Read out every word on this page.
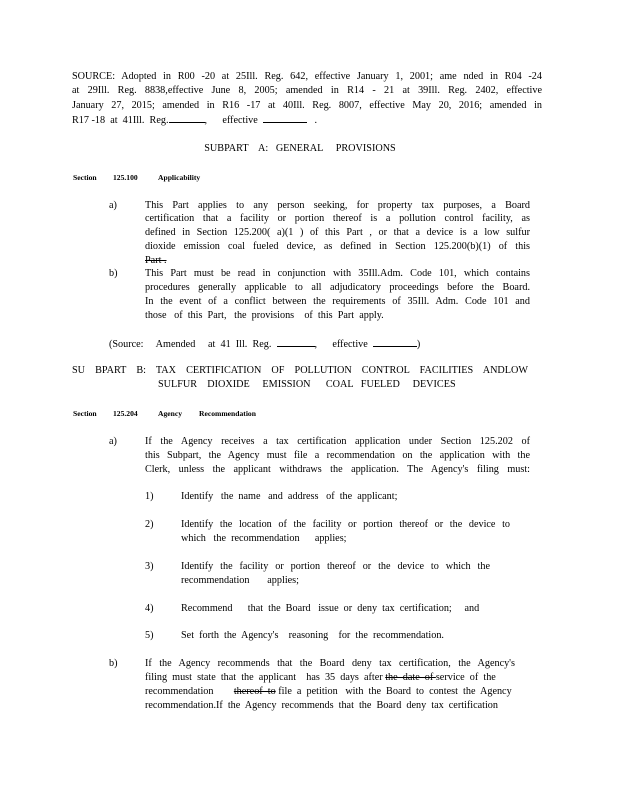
SOURCE: Adopted in R00 -20 at 25Ill. Reg. 642, effective January 1, 2001; ame nded in R04 -24
at 29Ill. Reg. 8838,effective June 8, 2005; amended in R14 - 21 at 39Ill. Reg. 2402, effective
January 27, 2015; amended in R16 -17 at 40Ill. Reg. 8007, effective May 20, 2016; amended in
R17 -18  at  41Ill.  Reg.	,      effective	.
SUBPART    A:   GENERAL     PROVISIONS
Section 125.100	Applicability
a)	This Part applies to any person seeking, for property tax purposes, a Board
certification that a facility or portion thereof is a pollution control facility, as
defined in Section 125.200( a)(1 ) of this Part , or that a device is a low sulfur
dioxide emission coal fueled device, as defined in Section 125.200(b)(1) of this
Part .
b)	This Part must be read in conjunction with 35Ill.Adm. Code 101, which contains
procedures generally applicable to all adjudicatory proceedings before the Board.
In the event of a conflict between the requirements of 35Ill. Adm. Code 101 and
those   of  this  Part,   the  provisions    of  this  Part  apply.
(Source:     Amended     at  41  Ill.  Reg.	,      effective	)
SU BPART B: TAX CERTIFICATION OF POLLUTION CONTROL FACILITIES ANDLOW
SULFUR    DIOXIDE     EMISSION      COAL   FUELED     DEVICES
Section 125.204	Agency Recommendation
a)	If the Agency receives a tax certification application under Section 125.202 of
this Subpart, the Agency must file a recommendation on the application with the
Clerk, unless the applicant withdraws the application. The Agency's filing must:
1)	Identify   the  name   and  address   of  the  applicant;
2)	Identify the location of the facility or portion thereof or the device to
which   the  recommendation      applies;
3)	Identify the facility or portion thereof or the device to which the
recommendation       applies;
4)	Recommend      that  the  Board   issue  or  deny  tax  certification;     and
5)	Set  forth  the  Agency's    reasoning    for  the  recommendation.
b)	If the Agency recommends that the Board deny tax certification, the Agency's
filing  must  state  that  the  applicant    has  35  days  after the  date  of service  of  the
recommendation        thereof  to file  a  petition   with  the  Board  to  contest  the  Agency
recommendation.If the Agency recommends that the Board deny tax certification
